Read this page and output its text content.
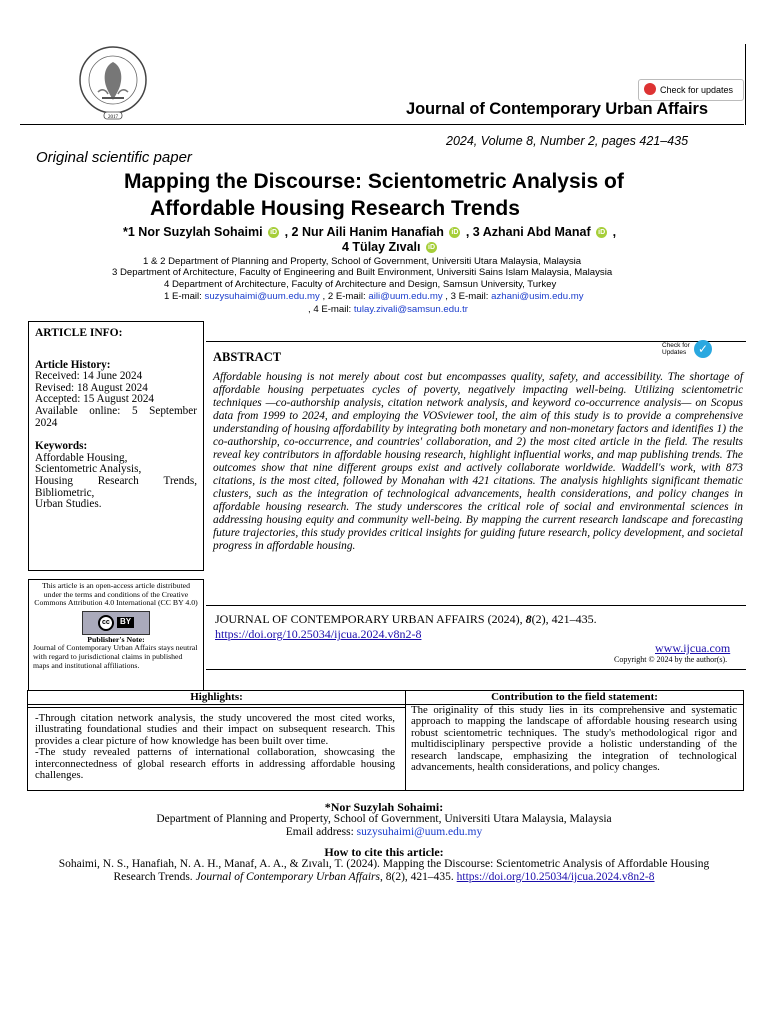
2017
Check for updates
Journal of Contemporary Urban Affairs
2024, Volume 8, Number 2, pages 421–435
Original scientific paper
Mapping the Discourse: Scientometric Analysis of
Affordable Housing Research Trends
*1 Nor Suzylah Sohaimi iD , 2 Nur Aili Hanim Hanafiah iD , 3 Azhani Abd Manaf iD ,
4 Tülay Zıvalı iD
1 & 2 Department of Planning and Property, School of Government, Universiti Utara Malaysia, Malaysia
3 Department of Architecture, Faculty of Engineering and Built Environment, Universiti Sains Islam Malaysia, Malaysia
4 Department of Architecture, Faculty of Architecture and Design, Samsun University, Turkey
1 E-mail: suzysuhaimi@uum.edu.my , 2 E-mail: aili@uum.edu.my , 3 E-mail: azhani@usim.edu.my
, 4 E-mail: tulay.zivali@samsun.edu.tr
ARTICLE INFO:
Article History:
Received: 14 June 2024
Revised: 18 August 2024
Accepted: 15 August 2024
Available online: 5 September
2024
Keywords:
Affordable Housing,
Scientometric Analysis,
Housing Research Trends,
Bibliometric,
Urban Studies.
This article is an open-access article distributed under the terms and conditions of the Creative Commons Attribution 4.0 International (CC BY 4.0)
cc	BY
Publisher's Note:
Journal of Contemporary Urban Affairs stays neutral with regard to jurisdictional claims in published maps and institutional affiliations.
ABSTRACT
Check for
Updates ✓
Affordable housing is not merely about cost but encompasses quality, safety, and accessibility. The shortage of affordable housing perpetuates cycles of poverty, negatively impacting well-being. Utilizing scientometric techniques —co-authorship analysis, citation network analysis, and keyword co-occurrence analysis— on Scopus data from 1999 to 2024, and employing the VOSviewer tool, the aim of this study is to provide a comprehensive understanding of housing affordability by integrating both monetary and non-monetary factors and identifies 1) the co-authorship, co-occurrence, and countries' collaboration, and 2) the most cited article in the field. The results reveal key contributors in affordable housing research, highlight influential works, and map publishing trends. The outcomes show that nine different groups exist and actively collaborate worldwide. Waddell's work, with 873 citations, is the most cited, followed by Monahan with 421 citations. The analysis highlights significant thematic clusters, such as the integration of technological advancements, health considerations, and policy changes in affordable housing research. The study underscores the critical role of social and environmental sciences in addressing housing equity and community well-being. By mapping the current research landscape and forecasting future trajectories, this study provides critical insights for guiding future research, policy development, and societal progress in affordable housing.
JOURNAL OF CONTEMPORARY URBAN AFFAIRS (2024), 8(2), 421–435.
https://doi.org/10.25034/ijcua.2024.v8n2-8
www.ijcua.com
Copyright © 2024 by the author(s).
Highlights:	Contribution to the field statement:
-Through citation network analysis, the study uncovered the most cited works, illustrating foundational studies and their impact on subsequent research. This provides a clear picture of how knowledge has been built over time.
-The study revealed patterns of international collaboration, showcasing the interconnectedness of global research efforts in addressing affordable housing challenges.
The originality of this study lies in its comprehensive and systematic approach to mapping the landscape of affordable housing research using robust scientometric techniques. The study's methodological rigor and multidisciplinary perspective provide a holistic understanding of the research landscape, emphasizing the integration of technological advancements, health considerations, and policy changes.
*Nor Suzylah Sohaimi:
Department of Planning and Property, School of Government, Universiti Utara Malaysia, Malaysia
Email address: suzysuhaimi@uum.edu.my
How to cite this article:
Sohaimi, N. S., Hanafiah, N. A. H., Manaf, A. A., & Zıvalı, T. (2024). Mapping the Discourse: Scientometric Analysis of Affordable Housing
Research Trends. Journal of Contemporary Urban Affairs, 8(2), 421–435. https://doi.org/10.25034/ijcua.2024.v8n2-8
